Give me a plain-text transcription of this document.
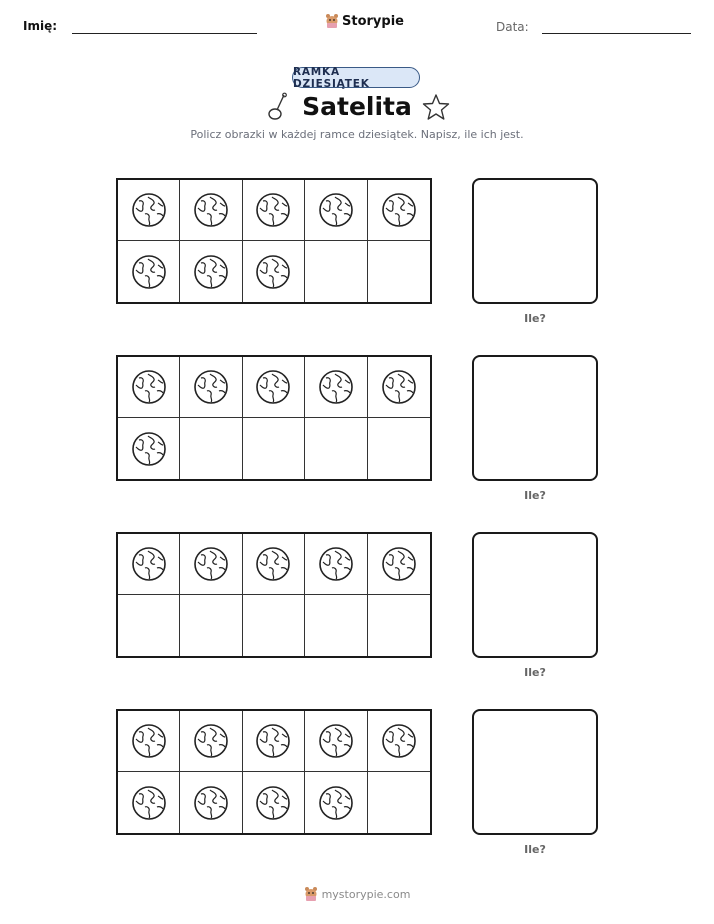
Imię:	Storypie	Data:
RAMKA DZIESIĄTEK
Satelita
Policz obrazki w każdej ramce dziesiątek. Napisz, ile ich jest.
Ile?
Ile?
Ile?
Ile?
mystorypie.com
